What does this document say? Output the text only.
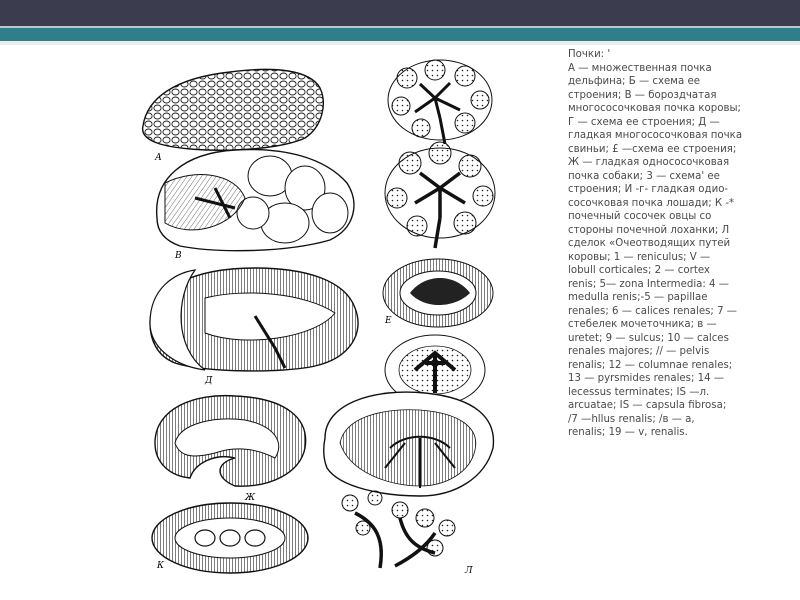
А
В
Д
Е
Ж
К	Л
Почки: '
А — множественная почка
дельфина; Б — схема ее
строения; В — бороздчатая
многососочковая почка коровы;
Г — схема ее строения; Д —
гладкая многососочковая почка
свиньи; £ —схема ее строения;
Ж — гладкая однососочковая
почка собаки; 3 — схема' ее
строения; И -г- гладкая одио-
сосочковая почка лошади; К -*
почечный сосочек овцы со
стороны почечной лоханки; Л
сделок «Очеотводящих путей
коровы; 1 — reniculus; V —
lobull corticales; 2 — cortex
renis; 5— zona Intermedia: 4 —
medulla renis;-5 — papillae
renales; 6 — calices renales; 7 —
стебелек мочеточника; в —
uretet; 9 — sulcus; 10 — calces
renales majores; // — pelvis
renalis; 12 — columnae renales;
13 — pyrsmides renales; 14 —
lecessus terminates; IS —л.
arcuatae; IS — capsula fibrosa;
/7 —hllus renalis; /в — а,
renalis; 19 — v, renalis.
